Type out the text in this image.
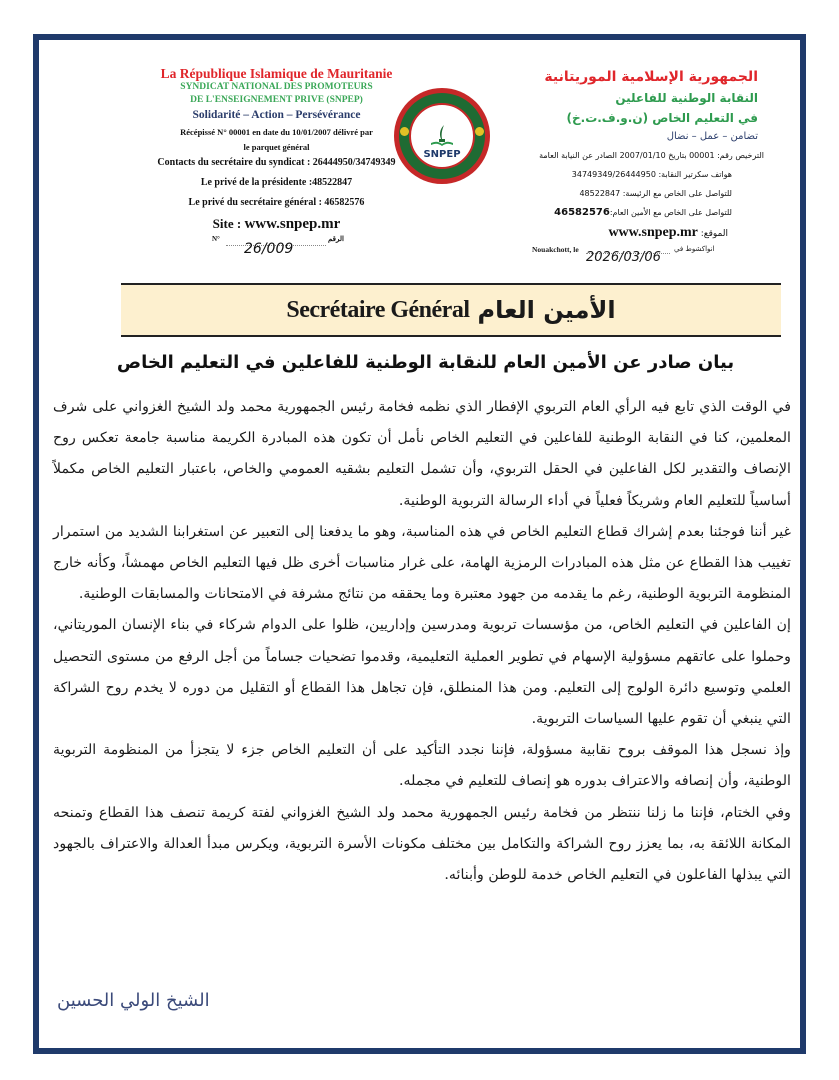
La République Islamique de Mauritanie
SYNDICAT NATIONAL DES PROMOTEURS
DE L'ENSEIGNEMENT PRIVE (SNPEP)
Solidarité – Action – Persévérance
Récépissé N° 00001 en date du 10/01/2007 délivré par
le parquet général
Contacts du secrétaire du syndicat : 26444950/34749349
Le privé de la présidente :48522847
Le privé du secrétaire général : 46582576
Site : www.snpep.mr
N°
26/009
الرقم
SNPEP
الجمهورية الإسلامية الموريتانية
النقابة الوطنية للفاعلين
في التعليم الخاص (ن.و.ف.ت.خ)
تضامن – عمل – نضال
الترخيص رقم: 00001 بتاريخ 2007/01/10 الصادر عن النيابة العامة
هواتف سكرتير النقابة: 34749349/26444950
للتواصل على الخاص مع الرئيسة: 48522847
للتواصل على الخاص مع الأمين العام:46582576
الموقع: www.snpep.mr
Nouakchott, le
2026/03/06
انواكشوط في
Secrétaire Général الأمين العام
بيان صادر عن الأمين العام للنقابة الوطنية للفاعلين في التعليم الخاص

في الوقت الذي تابع فيه الرأي العام التربوي الإفطار الذي نظمه فخامة رئيس الجمهورية محمد ولد الشيخ الغزواني على شرف المعلمين، كنا في النقابة الوطنية للفاعلين في التعليم الخاص نأمل أن تكون هذه المبادرة الكريمة مناسبة جامعة تعكس روح الإنصاف والتقدير لكل الفاعلين في الحقل التربوي، وأن تشمل التعليم بشقيه العمومي والخاص، باعتبار التعليم الخاص مكملاً أساسياً للتعليم العام وشريكاً فعلياً في أداء الرسالة التربوية الوطنية.

غير أننا فوجئنا بعدم إشراك قطاع التعليم الخاص في هذه المناسبة، وهو ما يدفعنا إلى التعبير عن استغرابنا الشديد من استمرار تغييب هذا القطاع عن مثل هذه المبادرات الرمزية الهامة، على غرار مناسبات أخرى ظل فيها التعليم الخاص مهمشاً، وكأنه خارج المنظومة التربوية الوطنية، رغم ما يقدمه من جهود معتبرة وما يحققه من نتائج مشرفة في الامتحانات والمسابقات الوطنية.

إن الفاعلين في التعليم الخاص، من مؤسسات تربوية ومدرسين وإداريين، ظلوا على الدوام شركاء في بناء الإنسان الموريتاني، وحملوا على عاتقهم مسؤولية الإسهام في تطوير العملية التعليمية، وقدموا تضحيات جساماً من أجل الرفع من مستوى التحصيل العلمي وتوسيع دائرة الولوج إلى التعليم. ومن هذا المنطلق، فإن تجاهل هذا القطاع أو التقليل من دوره لا يخدم روح الشراكة التي ينبغي أن تقوم عليها السياسات التربوية.

وإذ نسجل هذا الموقف بروح نقابية مسؤولة، فإننا نجدد التأكيد على أن التعليم الخاص جزء لا يتجزأ من المنظومة التربوية الوطنية، وأن إنصافه والاعتراف بدوره هو إنصاف للتعليم في مجمله.

وفي الختام، فإننا ما زلنا ننتظر من فخامة رئيس الجمهورية محمد ولد الشيخ الغزواني لفتة كريمة تنصف هذا القطاع وتمنحه المكانة اللائقة به، بما يعزز روح الشراكة والتكامل بين مختلف مكونات الأسرة التربوية، ويكرس مبدأ العدالة والاعتراف بالجهود التي يبذلها الفاعلون في التعليم الخاص خدمة للوطن وأبنائه.

الشيخ الولي الحسين
